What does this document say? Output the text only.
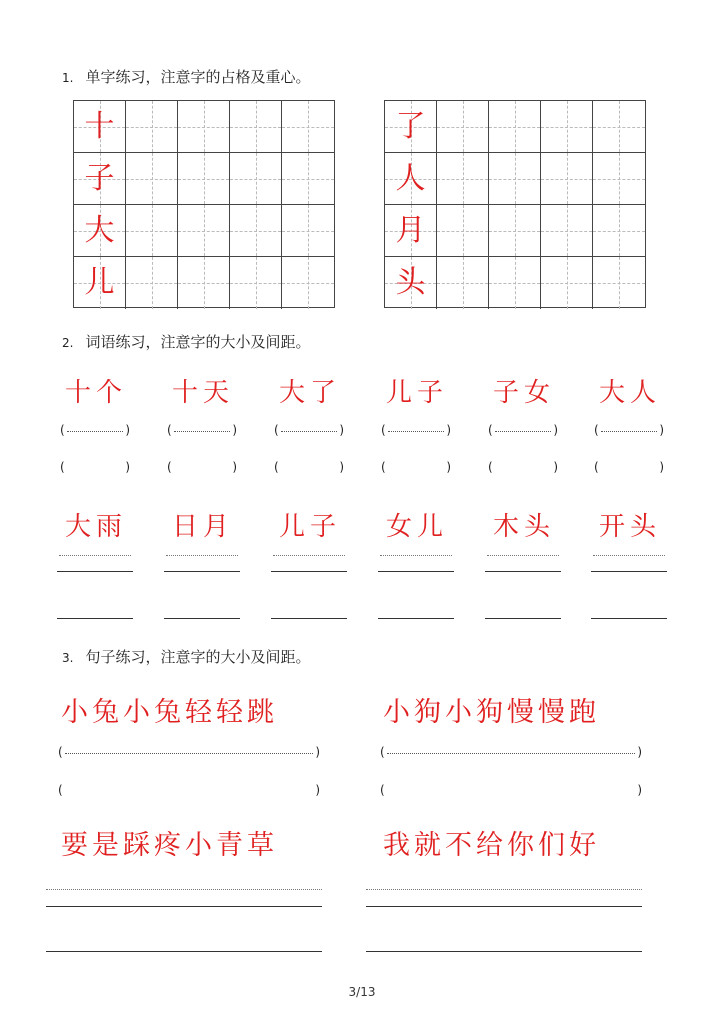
1. 单字练习，注意字的占格及重心。
2. 词语练习，注意字的大小及间距。
3. 句子练习，注意字的大小及间距。
十
子
大
儿
了
人
月
头
十个 十天 大了 儿子 子女 大人
(	)	(	)	(	)	(	)	(	)	(	)
(	)	(	)	(	)	(	)	(	)	(	)
大雨 日月 儿子 女儿 木头 开头
小兔小兔轻轻跳	小狗小狗慢慢跑
要是踩疼小青草	我就不给你们好
(	)	(	)
(	)	(	)
3/13
